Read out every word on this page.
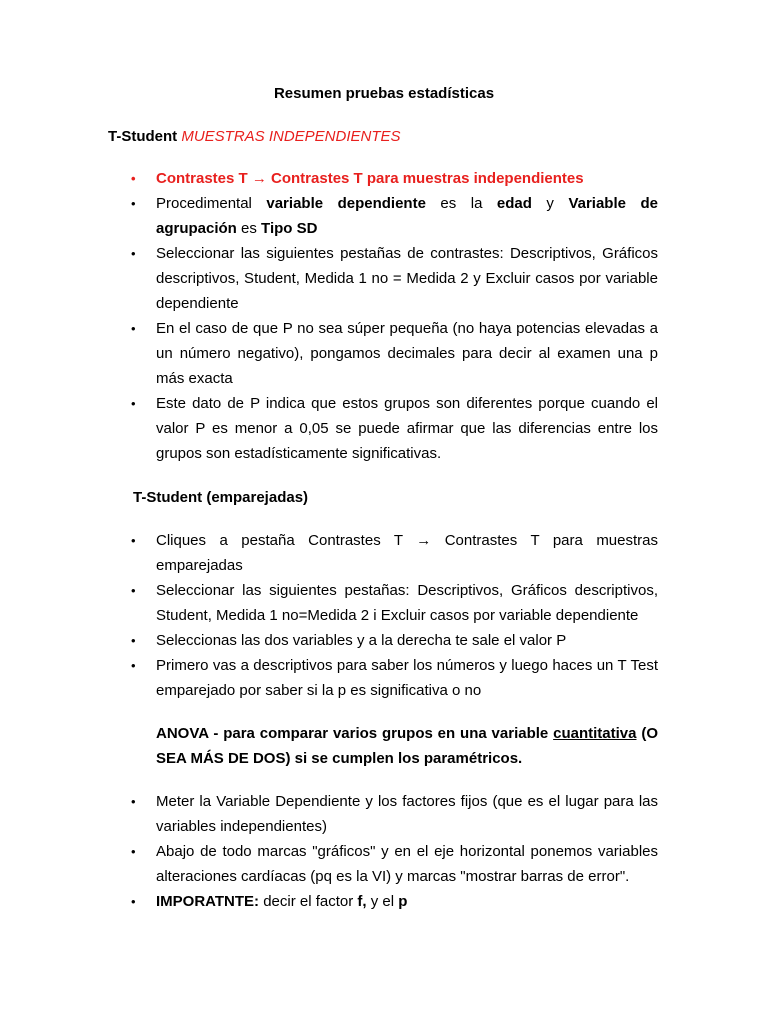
Resumen pruebas estadísticas
T-Student MUESTRAS INDEPENDIENTES
• Contrastes T → Contrastes T para muestras independientes
• Procedimental variable dependiente es la edad y Variable de agrupación es Tipo SD
• Seleccionar las siguientes pestañas de contrastes: Descriptivos, Gráficos descriptivos, Student, Medida 1 no = Medida 2 y Excluir casos por variable dependiente
• En el caso de que P no sea súper pequeña (no haya potencias elevadas a un número negativo), pongamos decimales para decir al examen una p más exacta
• Este dato de P indica que estos grupos son diferentes porque cuando el valor P es menor a 0,05 se puede afirmar que las diferencias entre los grupos son estadísticamente significativas.
T-Student (emparejadas)
• Cliques a pestaña Contrastes T → Contrastes T para muestras emparejadas
• Seleccionar las siguientes pestañas: Descriptivos, Gráficos descriptivos, Student, Medida 1 no=Medida 2 i Excluir casos por variable dependiente
• Seleccionas las dos variables y a la derecha te sale el valor P
• Primero vas a descriptivos para saber los números y luego haces un T Test emparejado por saber si la p es significativa o no
ANOVA - para comparar varios grupos en una variable cuantitativa (O SEA MÁS DE DOS) si se cumplen los paramétricos.
• Meter la Variable Dependiente y los factores fijos (que es el lugar para las variables independientes)
• Abajo de todo marcas "gráficos" y en el eje horizontal ponemos variables alteraciones cardíacas (pq es la VI) y marcas "mostrar barras de error".
• IMPORATNTE: decir el factor f, y el p
